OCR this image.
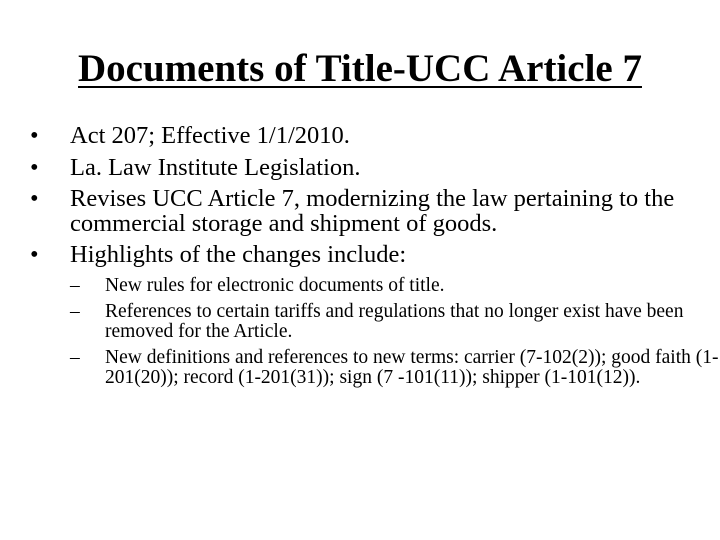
Documents of Title-UCC Article 7
•	Act 207; Effective 1/1/2010.
•	La. Law Institute Legislation.
•	Revises UCC Article 7, modernizing the law pertaining to the commercial storage and shipment of goods.
•	Highlights of the changes include:
–	New rules for electronic documents of title.
–	References to certain tariffs and regulations that no longer exist have been removed for the Article.
–	New definitions and references to new terms: carrier (7-102(2)); good faith (1-201(20)); record (1-201(31)); sign (7 -101(11)); shipper (1-101(12)).
